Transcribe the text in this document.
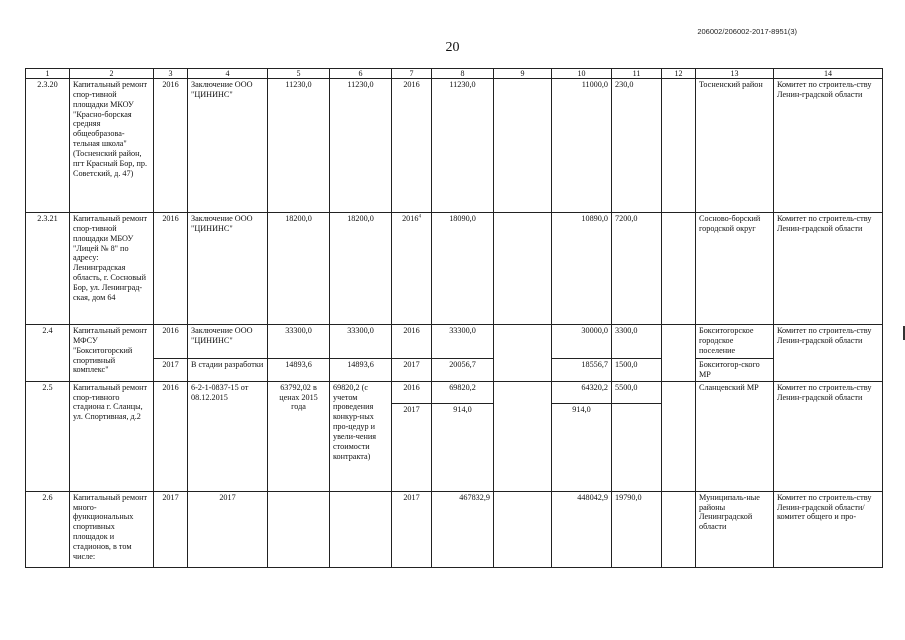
206002/206002-2017-8951(3)
20
1	2	3	4	5	6	7	8	9	10	11	12	13	14
2.3.20	Капитальный ремонт спор-тивной площадки МКОУ "Красно-борская средняя общеобразова-тельная школа" (Тосненский район, пгт Красный Бор, пр. Советский, д. 47)	2016	Заключение ООО "ЦИНИНС"	11230,0	11230,0	2016	11230,0		11000,0	230,0		Тосненский район	Комитет по строитель-ству Ленин-градской области
2.3.21	Капитальный ремонт спор-тивной площадки МБОУ "Лицей № 8" по адресу: Ленинградская область, г. Сосновый Бор, ул. Ленинград-ская, дом 64	2016	Заключение ООО "ЦИНИНС"	18200,0	18200,0	2016$^4$	18090,0		10890,0	7200,0		Сосново-борский городской округ	Комитет по строитель-ству Ленин-градской области
2.4	Капитальный ремонт МФСУ "Бокситогорский спортивный комплекс"	2016	Заключение ООО "ЦИНИНС"	33300,0	33300,0	2016	33300,0		30000,0	3300,0		Бокситогорское городское поселение	Комитет по строитель-ству Ленин-градской области
		2017	В стадии разработки	14893,6	14893,6	2017	20056,7		18556,7	1500,0		Бокситогор-ского МР	
2.5	Капитальный ремонт спор-тивного стадиона г. Сланцы, ул. Спортивная, д.2	2016	6-2-1-0837-15 от 08.12.2015	63792,02 в ценах 2015 года	69820,2 (с учетом проведения конкур-ных про-цедур и увели-чения стоимости контракта)	2016	69820,2		64320,2	5500,0		Сланцевский МР	Комитет по строитель-ству Ленин-градской области
						2017	914,0		914,0				
2.6	Капитальный ремонт много-функциональных спортивных площадок и стадионов, в том числе:	2017	2017			2017	467832,9		448042,9	19790,0		Муниципаль-ные районы Ленинградской области	Комитет по строитель-ству Ленин-градской области/ комитет общего и про-
